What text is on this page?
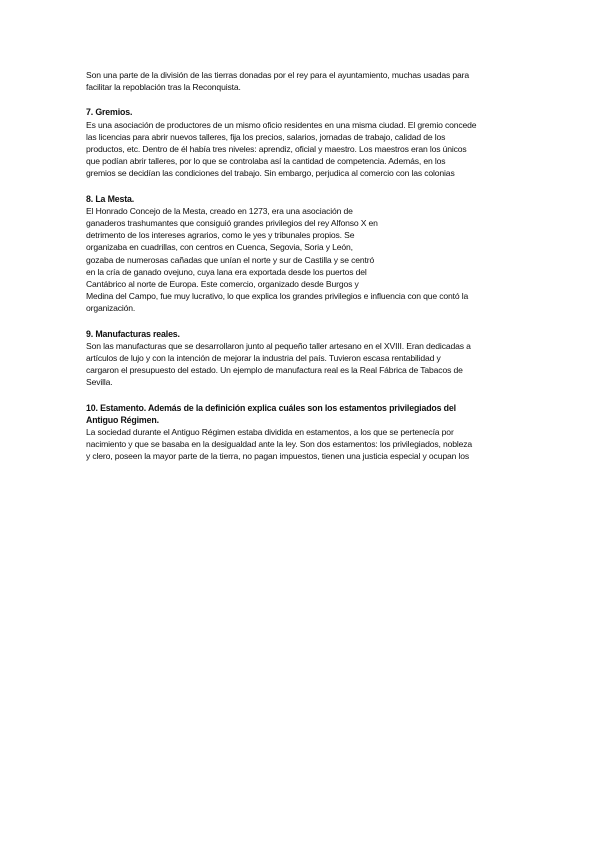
Son una parte de la división de las tierras donadas por el rey para el ayuntamiento, muchas usadas para
facilitar la repoblación tras la Reconquista.

7. Gremios.

Es una asociación de productores de un mismo oficio residentes en una misma ciudad. El gremio concede
las licencias para abrir nuevos talleres, fija los precios, salarios, jornadas de trabajo, calidad de los
productos, etc. Dentro de él había tres niveles: aprendiz, oficial y maestro. Los maestros eran los únicos
que podían abrir talleres, por lo que se controlaba así la cantidad de competencia. Además, en los
gremios se decidían las condiciones del trabajo. Sin embargo, perjudica al comercio con las colonias

8. La Mesta.

El Honrado Concejo de la Mesta, creado en 1273, era una asociación de
ganaderos trashumantes que consiguió grandes privilegios del rey Alfonso X en
detrimento de los intereses agrarios, como le yes y tribunales propios. Se
organizaba en cuadrillas, con centros en Cuenca, Segovia, Soria y León,
gozaba de numerosas cañadas que unían el norte y sur de Castilla y se centró
en la cría de ganado ovejuno, cuya lana era exportada desde los puertos del
Cantábrico al norte de Europa. Este comercio, organizado desde Burgos y
Medina del Campo, fue muy lucrativo, lo que explica los grandes privilegios e influencia con que contó la
organización.

9. Manufacturas reales.

Son las manufacturas que se desarrollaron junto al pequeño taller artesano en el XVIII. Eran dedicadas a
artículos de lujo y con la intención de mejorar la industria del país. Tuvieron escasa rentabilidad y
cargaron el presupuesto del estado. Un ejemplo de manufactura real es la Real Fábrica de Tabacos de
Sevilla.

10. Estamento. Además de la definición explica cuáles son los estamentos privilegiados del
Antiguo Régimen.

La sociedad durante el Antiguo Régimen estaba dividida en estamentos, a los que se pertenecía por
nacimiento y que se basaba en la desigualdad ante la ley. Son dos estamentos: los privilegiados, nobleza
y clero, poseen la mayor parte de la tierra, no pagan impuestos, tienen una justicia especial y ocupan los
